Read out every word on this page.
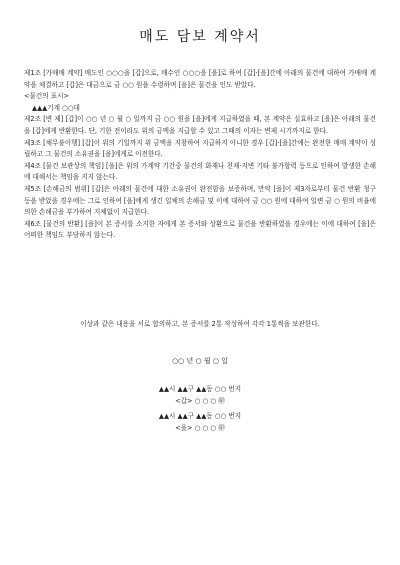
매도 담보 계약서

제1조 [가매매 계약] 매도인 ○○○을 [갑]으로, 매수인 ○○○을 [을]로 하여 [갑]·[을]간에 아래의 물건에 대하여 가매매 계약을 체결하고 [갑]은 대금으로 금 ○○ 원을 수령하며 [을]은 물건을 인도 받았다.

<물건의 표시>

▲▲▲기계 ○○대

제2조 [변 제] [갑]이 ○○ 년 ○ 월 ○ 일까지 금 ○○ 원을 [을]에게 지급하였을 때, 본 계약은 실효하고 [을]은 아래의 물건을 [갑]에게 반환한다. 단, 기한 전이라도 위의 금액을 지급할 수 있고 그때의 이자는 변제 시기까지로 한다.

제3조 [채무불이행] [갑]이 위의 기일까지 위 금액을 지참하여 지급하지 아니한 경우 [갑]·[을]간에는 완전한 매매 계약이 성립하고 그 물건의 소유권을 [을]에게로 이전한다.

제4조 [물건 보관상의 책임] [을]은 위의 가계약 기간중 물건의 화재나 천재·지변 기타 불가항력 등으로 인하여 발생한 손해에 대해서는 책임을 지지 않는다.

제5조 [손해금의 범위] [갑]은 아래의 물건에 대한 소유권이 완전함을 보증하며, 만약 [을]이 제3자로부터 물건 반환 청구 등을 받았을 경우에는 그로 인하여 [을]에게 생긴 일체의 손해금 및 이에 대하여 금 ○○ 원에 대하여 일변 금 ○ 원의 비율에 의한 손해금을 부가하여 지체없이 지급한다.

제6조 [물건의 반환] [을]이 본 증서를 소지한 자에게 본 증서와 상환으로 물건을 반환하였을 경우에는 이에 대하여 [을]은 어떠한 책임도 부담하지 않는다.

이상과 같은 내용을 서로 합의하고, 본 증서를 2통 작성하여 각각 1통씩을 보관한다.
○○ 년 ○ 월 ○ 일
▲▲시 ▲▲구 ▲▲동 ○○ 번지
<갑> ○ ○ ○ ㊞
▲▲시 ▲▲구 ▲▲동 ○○ 번지
<을> ○ ○ ○ ㊞
